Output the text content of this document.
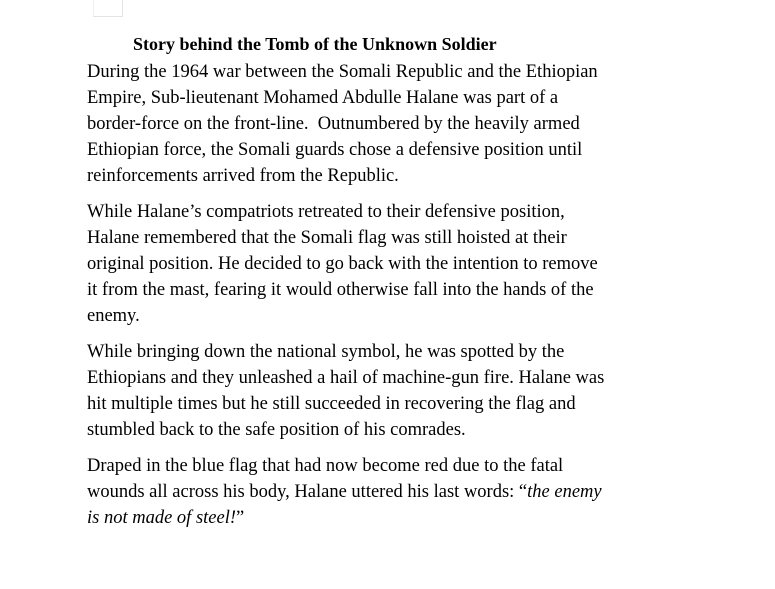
Story behind the Tomb of the Unknown Soldier
During the 1964 war between the Somali Republic and the Ethiopian
Empire, Sub-lieutenant Mohamed Abdulle Halane was part of a
border-force on the front-line.  Outnumbered by the heavily armed
Ethiopian force, the Somali guards chose a defensive position until
reinforcements arrived from the Republic.
While Halane’s compatriots retreated to their defensive position,
Halane remembered that the Somali flag was still hoisted at their
original position. He decided to go back with the intention to remove
it from the mast, fearing it would otherwise fall into the hands of the
enemy.
While bringing down the national symbol, he was spotted by the
Ethiopians and they unleashed a hail of machine-gun fire. Halane was
hit multiple times but he still succeeded in recovering the flag and
stumbled back to the safe position of his comrades.
Draped in the blue flag that had now become red due to the fatal
wounds all across his body, Halane uttered his last words: “the enemy
is not made of steel!”
